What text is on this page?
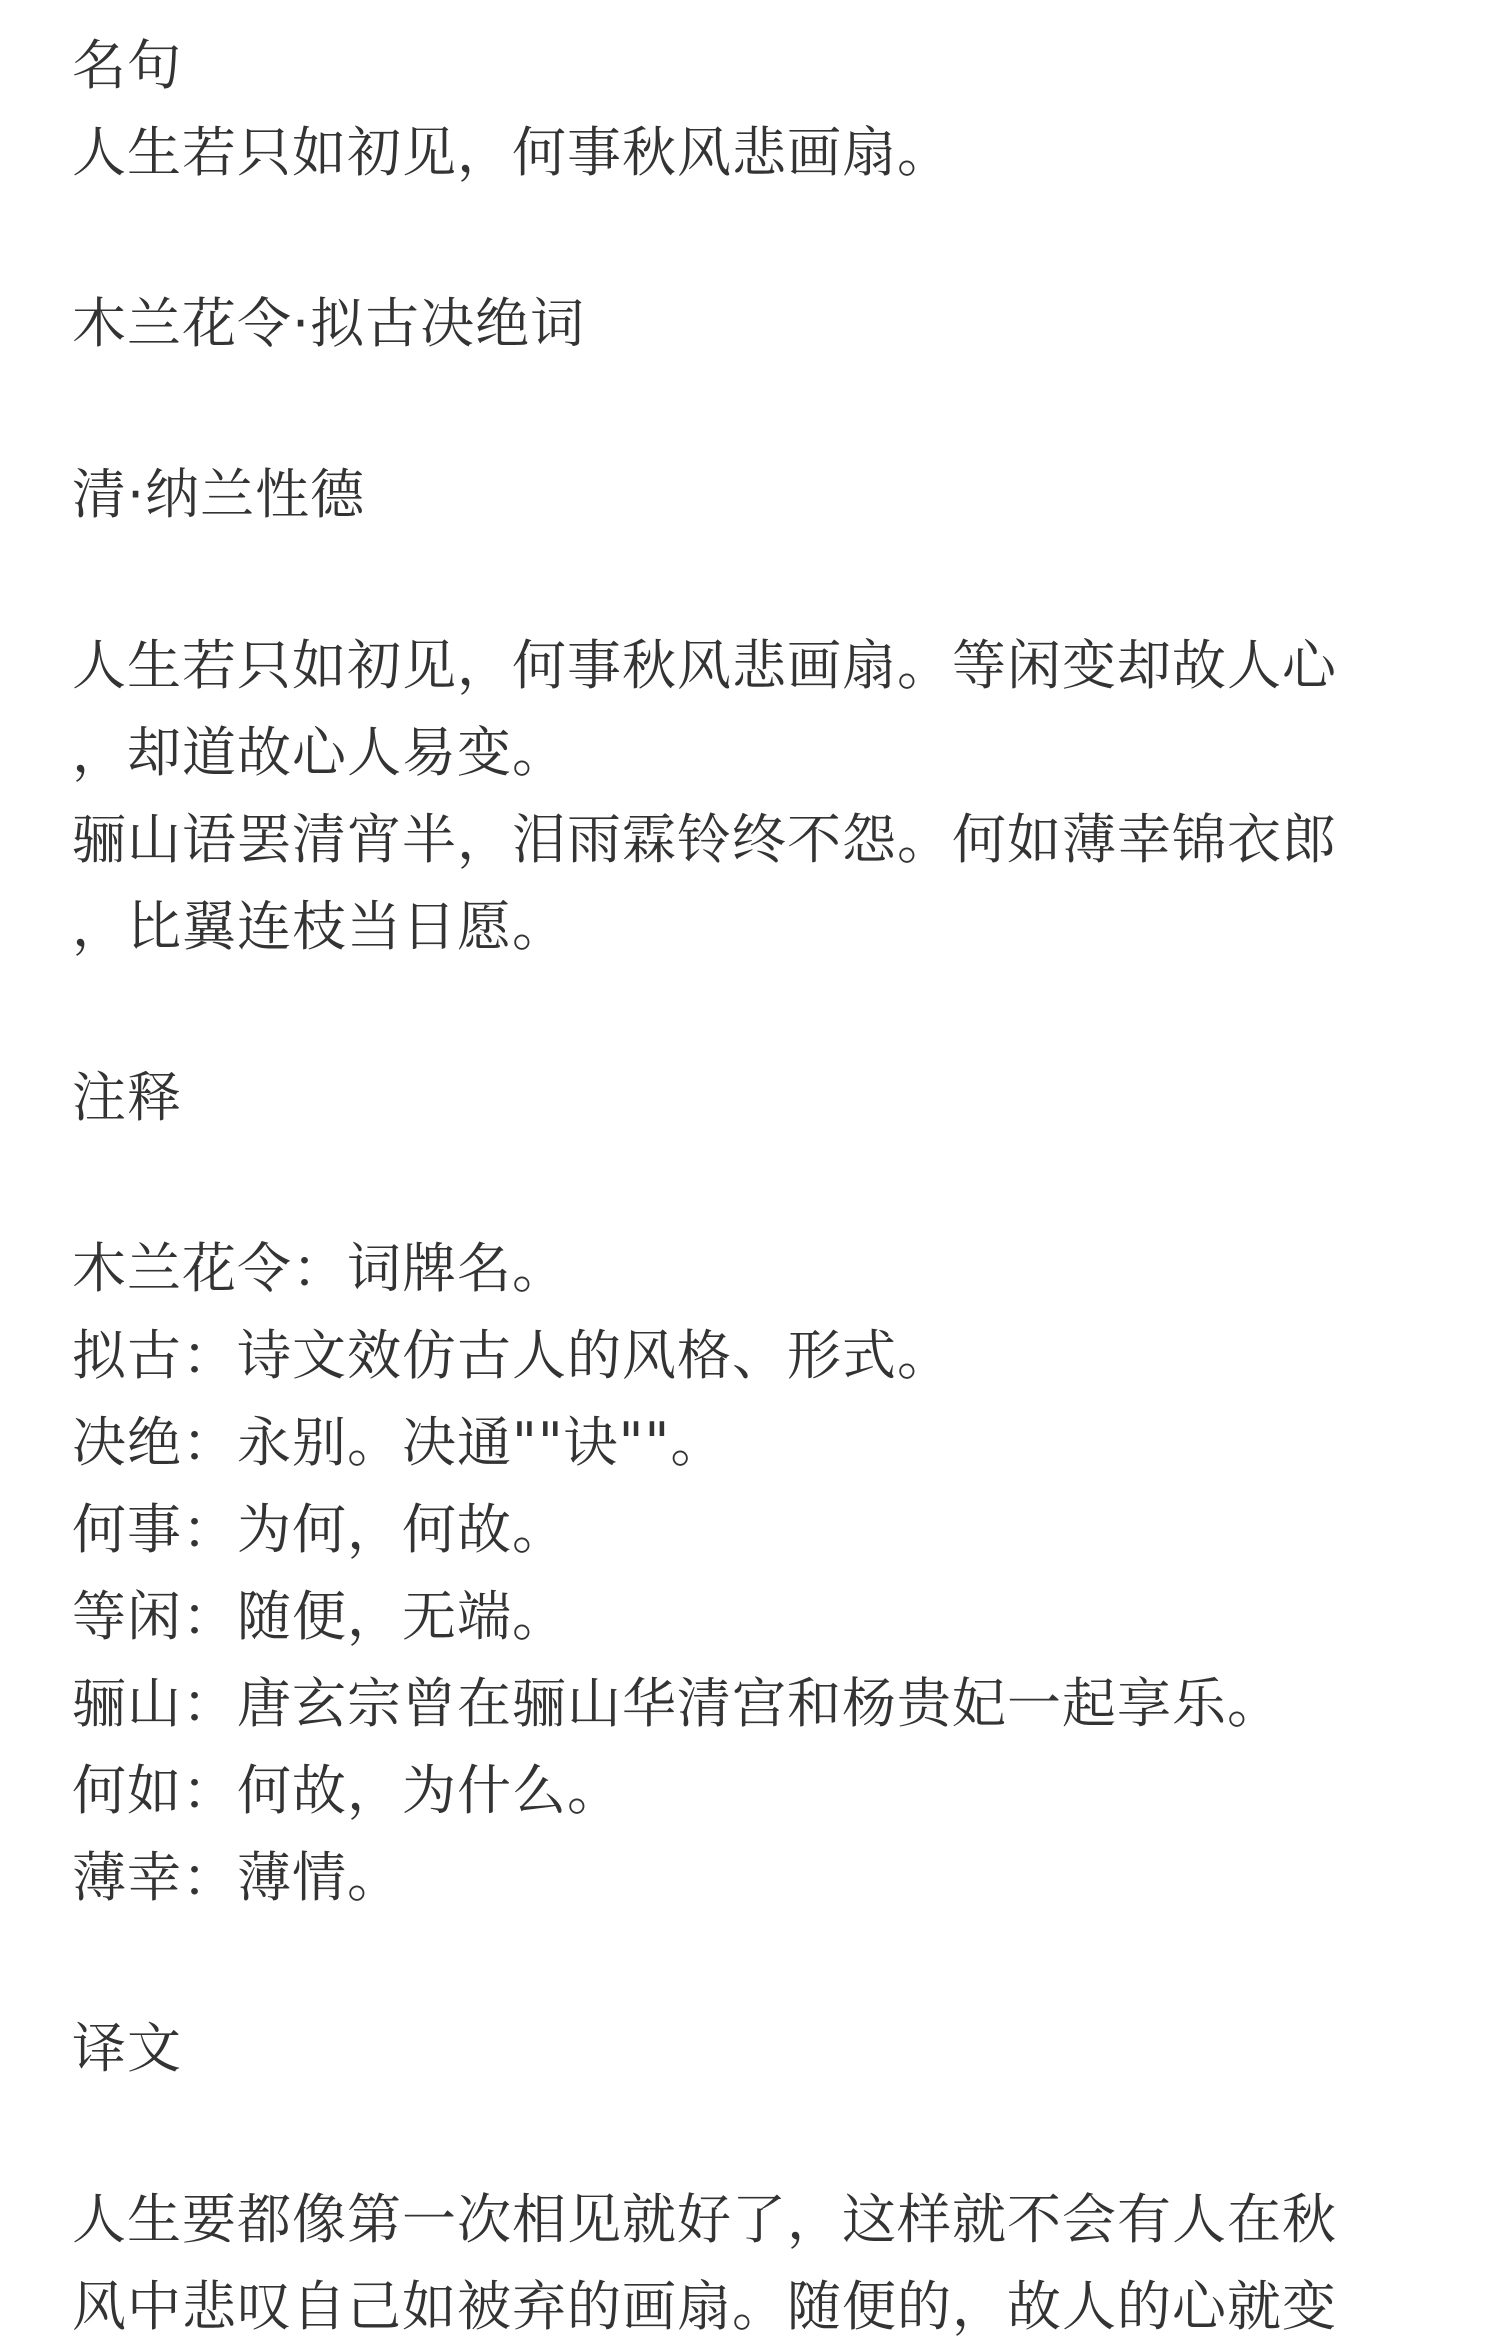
名句
人生若只如初见，何事秋风悲画扇。
木兰花令·拟古决绝词
清·纳兰性德
人生若只如初见，何事秋风悲画扇。等闲变却故人心
，却道故心人易变。
骊山语罢清宵半，泪雨霖铃终不怨。何如薄幸锦衣郎
，比翼连枝当日愿。
注释
木兰花令：词牌名。
拟古：诗文效仿古人的风格、形式。
决绝：永别。决通""诀""。
何事：为何，何故。
等闲：随便，无端。
骊山：唐玄宗曾在骊山华清宫和杨贵妃一起享乐。
何如：何故，为什么。
薄幸：薄情。
译文
人生要都像第一次相见就好了，这样就不会有人在秋
风中悲叹自己如被弃的画扇。随便的，故人的心就变
